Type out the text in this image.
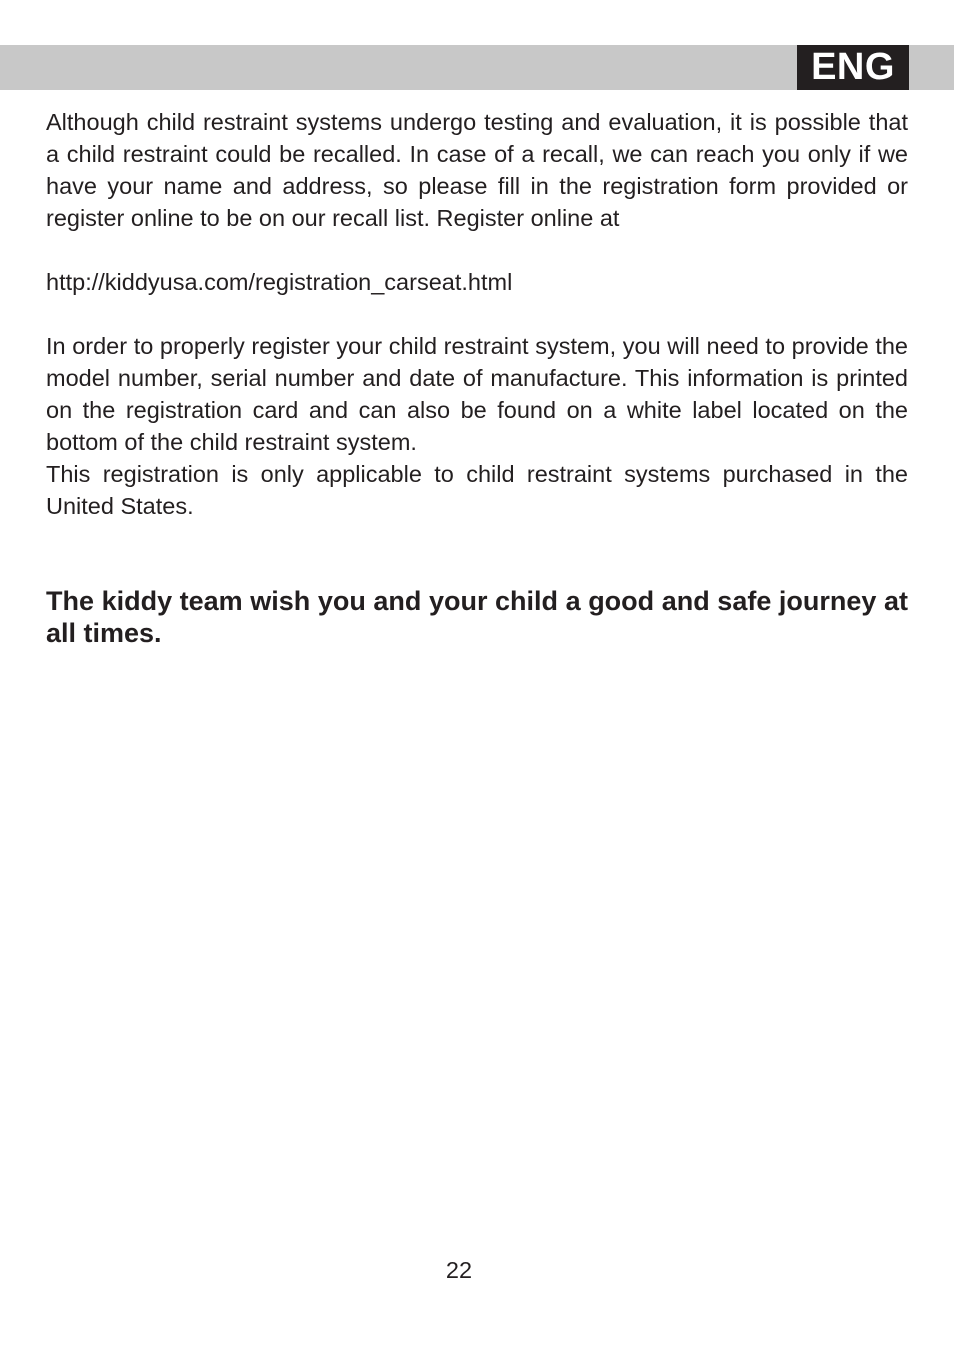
ENG

Although child restraint systems undergo testing and evaluation, it is possible that a child restraint could be recalled. In case of a recall, we can reach you only if we have your name and address, so please fill in the registration form provided or register online to be on our recall list. Register online at

http://kiddyusa.com/registration_carseat.html

In order to properly register your child restraint system, you will need to provide the model number, serial number and date of manufacture. This information is printed on the registration card and can also be found on a white label located on the bottom of the child restraint system.

This registration is only applicable to child restraint systems purchased in the United States.

The kiddy team wish you and your child a good and safe journey at all times.

22
